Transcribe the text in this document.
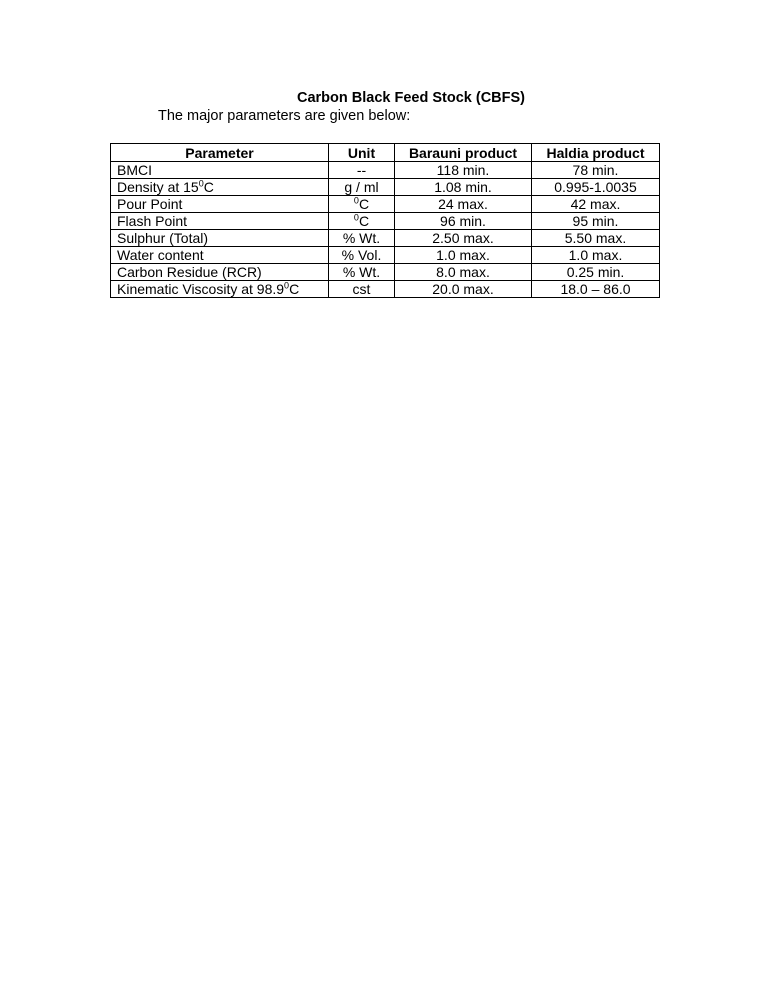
Carbon Black Feed Stock (CBFS)
The major parameters are given below:
Parameter	Unit	Barauni product	Haldia product
BMCI	--	118 min.	78 min.
Density at $15^0C$	g / ml	1.08 min.	0.995-1.0035
Pour Point	$^0$C	24 max.	42 max.
Flash Point	$^0$C	96 min.	95 min.
Sulphur (Total)	% Wt.	2.50 max.	5.50 max.
Water content	% Vol.	1.0 max.	1.0 max.
Carbon Residue (RCR)	% Wt.	8.0 max.	0.25 min.
Kinematic Viscosity at 98.9$^0$C	cst	20.0 max.	18.0 – 86.0
